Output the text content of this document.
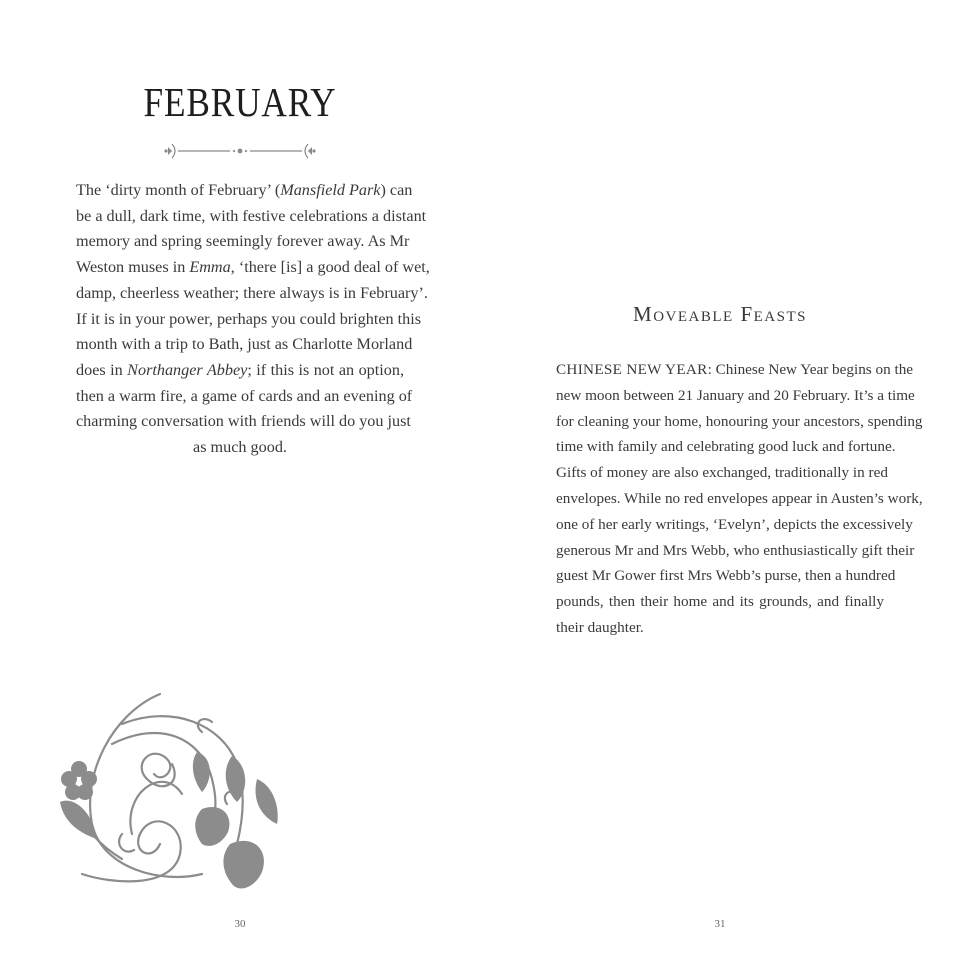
FEBRUARY

The ‘dirty month of February’ (Mansfield Park) can
be a dull, dark time, with festive celebrations a distant
memory and spring seemingly forever away. As Mr
Weston muses in Emma, ‘there [is] a good deal of wet,
damp, cheerless weather; there always is in February’.
If it is in your power, perhaps you could brighten this
month with a trip to Bath, just as Charlotte Morland
does in Northanger Abbey; if this is not an option,
then a warm fire, a game of cards and an evening of
charming conversation with friends will do you just
as much good.

30
Moveable Feasts

CHINESE NEW YEAR: Chinese New Year begins on the
new moon between 21 January and 20 February. It’s a time
for cleaning your home, honouring your ancestors, spending
time with family and celebrating good luck and fortune.
Gifts of money are also exchanged, traditionally in red
envelopes. While no red envelopes appear in Austen’s work,
one of her early writings, ‘Evelyn’, depicts the excessively
generous Mr and Mrs Webb, who enthusiastically gift their
guest Mr Gower first Mrs Webb’s purse, then a hundred
pounds, then their home and its grounds, and finally
their daughter.

31
